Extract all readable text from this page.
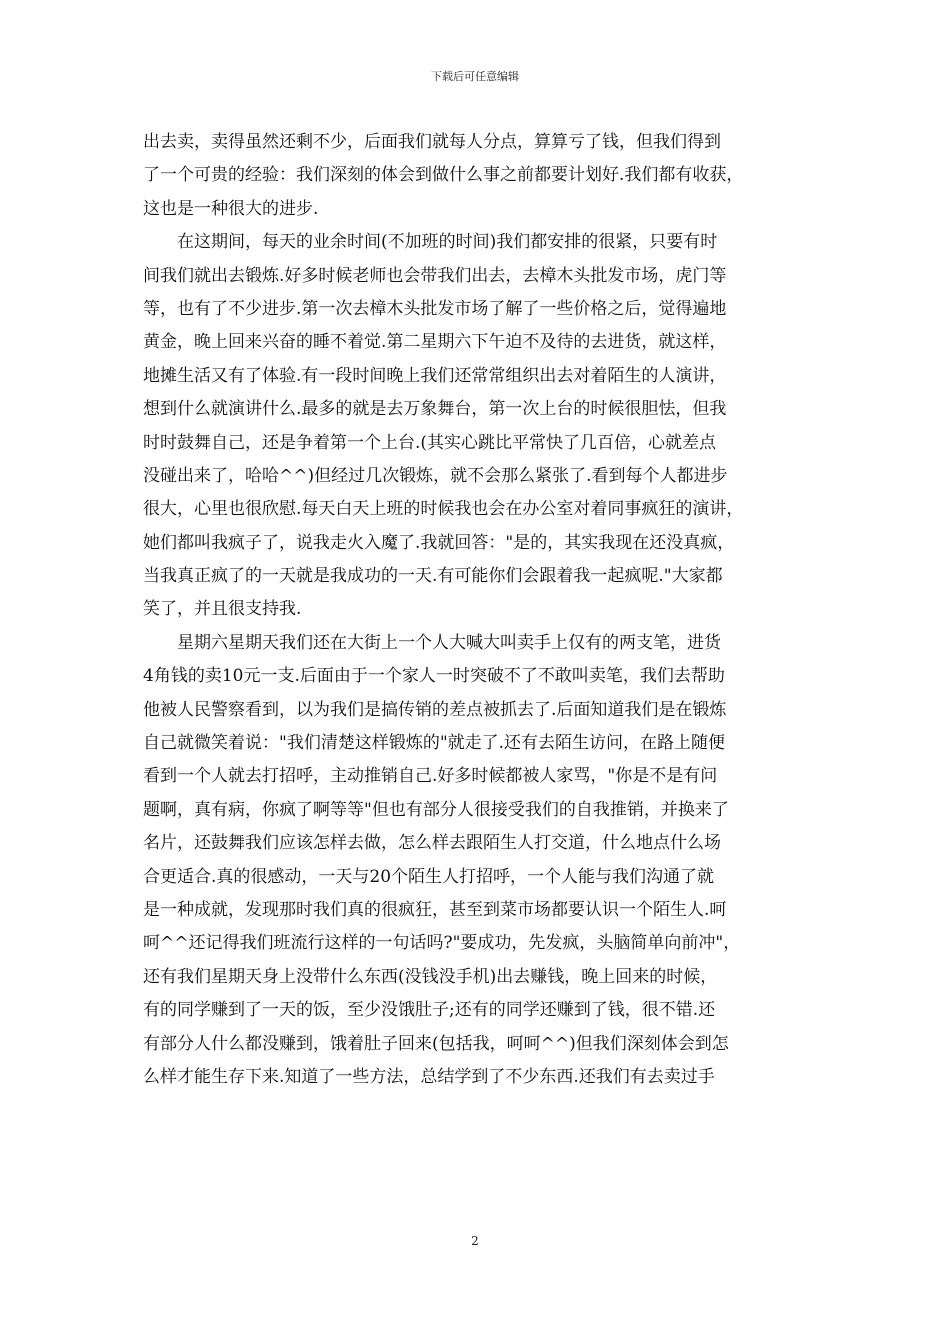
下载后可任意编辑
出去卖，卖得虽然还剩不少，后面我们就每人分点，算算亏了钱，但我们得到
了一个可贵的经验：我们深刻的体会到做什么事之前都要计划好.我们都有收获，
这也是一种很大的进步.
在这期间，每天的业余时间(不加班的时间)我们都安排的很紧，只要有时
间我们就出去锻炼.好多时候老师也会带我们出去，去樟木头批发市场，虎门等
等，也有了不少进步.第一次去樟木头批发市场了解了一些价格之后，觉得遍地
黄金，晚上回来兴奋的睡不着觉.第二星期六下午迫不及待的去进货，就这样，
地摊生活又有了体验.有一段时间晚上我们还常常组织出去对着陌生的人演讲，
想到什么就演讲什么.最多的就是去万象舞台，第一次上台的时候很胆怯，但我
时时鼓舞自己，还是争着第一个上台.(其实心跳比平常快了几百倍，心就差点
没碰出来了，哈哈^^)但经过几次锻炼，就不会那么紧张了.看到每个人都进步
很大，心里也很欣慰.每天白天上班的时候我也会在办公室对着同事疯狂的演讲，
她们都叫我疯子了，说我走火入魔了.我就回答："是的，其实我现在还没真疯，
当我真正疯了的一天就是我成功的一天.有可能你们会跟着我一起疯呢."大家都
笑了，并且很支持我.
星期六星期天我们还在大街上一个人大喊大叫卖手上仅有的两支笔，进货
4角钱的卖10元一支.后面由于一个家人一时突破不了不敢叫卖笔，我们去帮助
他被人民警察看到，以为我们是搞传销的差点被抓去了.后面知道我们是在锻炼
自己就微笑着说："我们清楚这样锻炼的"就走了.还有去陌生访问，在路上随便
看到一个人就去打招呼，主动推销自己.好多时候都被人家骂，"你是不是有问
题啊，真有病，你疯了啊等等"但也有部分人很接受我们的自我推销，并换来了
名片，还鼓舞我们应该怎样去做，怎么样去跟陌生人打交道，什么地点什么场
合更适合.真的很感动，一天与20个陌生人打招呼，一个人能与我们沟通了就
是一种成就，发现那时我们真的很疯狂，甚至到菜市场都要认识一个陌生人.呵
呵^^还记得我们班流行这样的一句话吗?"要成功，先发疯，头脑简单向前冲"，
还有我们星期天身上没带什么东西(没钱没手机)出去赚钱，晚上回来的时候，
有的同学赚到了一天的饭，至少没饿肚子;还有的同学还赚到了钱，很不错.还
有部分人什么都没赚到，饿着肚子回来(包括我，呵呵^^)但我们深刻体会到怎
么样才能生存下来.知道了一些方法，总结学到了不少东西.还我们有去卖过手
2
